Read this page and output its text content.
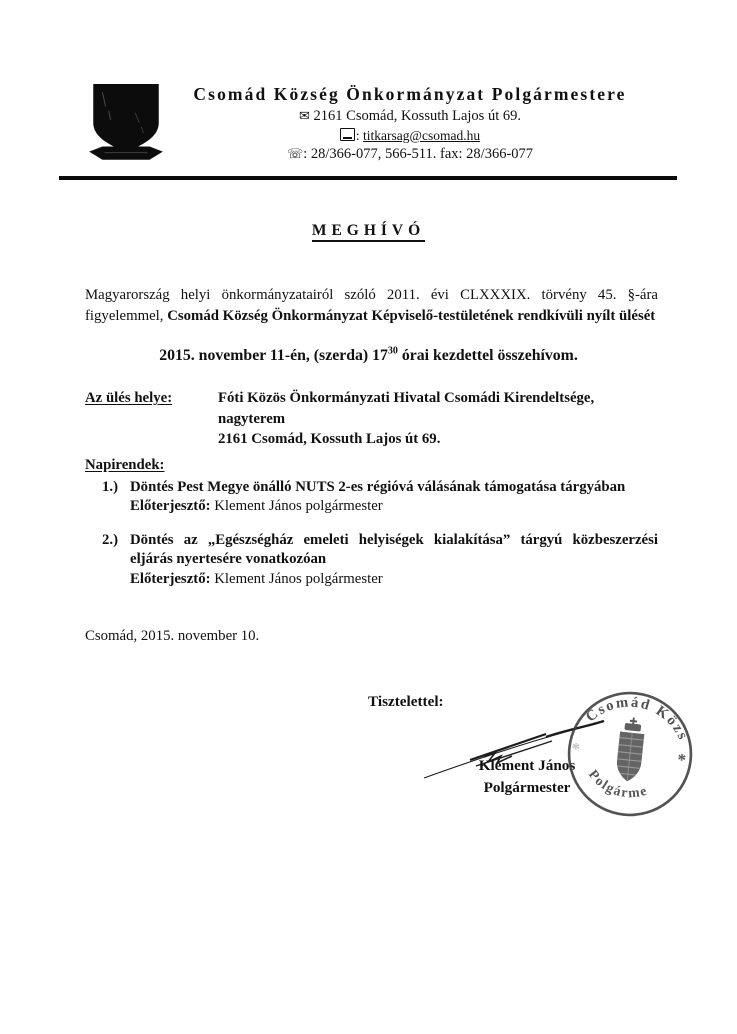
Csomád Község Önkormányzat Polgármestere
✉ 2161 Csomád, Kossuth Lajos út 69.
: titkarsag@csomad.hu
☏: 28/366-077, 566-511. fax: 28/366-077
MEGHÍVÓ

Magyarország helyi önkormányzatairól szóló 2011. évi CLXXXIX. törvény 45. §-ára figyelemmel, Csomád Község Önkormányzat Képviselő-testületének rendkívüli nyílt ülését

2015. november 11-én, (szerda) $17^{30}$ órai kezdettel összehívom.
Az ülés helye:	Fóti Közös Önkormányzati Hivatal Csomádi Kirendeltsége,
nagyterem
2161 Csomád, Kossuth Lajos út 69.
Napirendek:
1.) Döntés Pest Megye önálló NUTS 2-es régióvá válásának támogatása tárgyában
Előterjesztő: Klement János polgármester
2.) Döntés az „Egészségház emeleti helyiségek kialakítása” tárgyú közbeszerzési eljárás nyertesére vonatkozóan
Előterjesztő: Klement János polgármester
Csomád, 2015. november 10.
Tisztelettel:
Klement János
Polgármester
Csomád Közs
Polgárme
*
*
